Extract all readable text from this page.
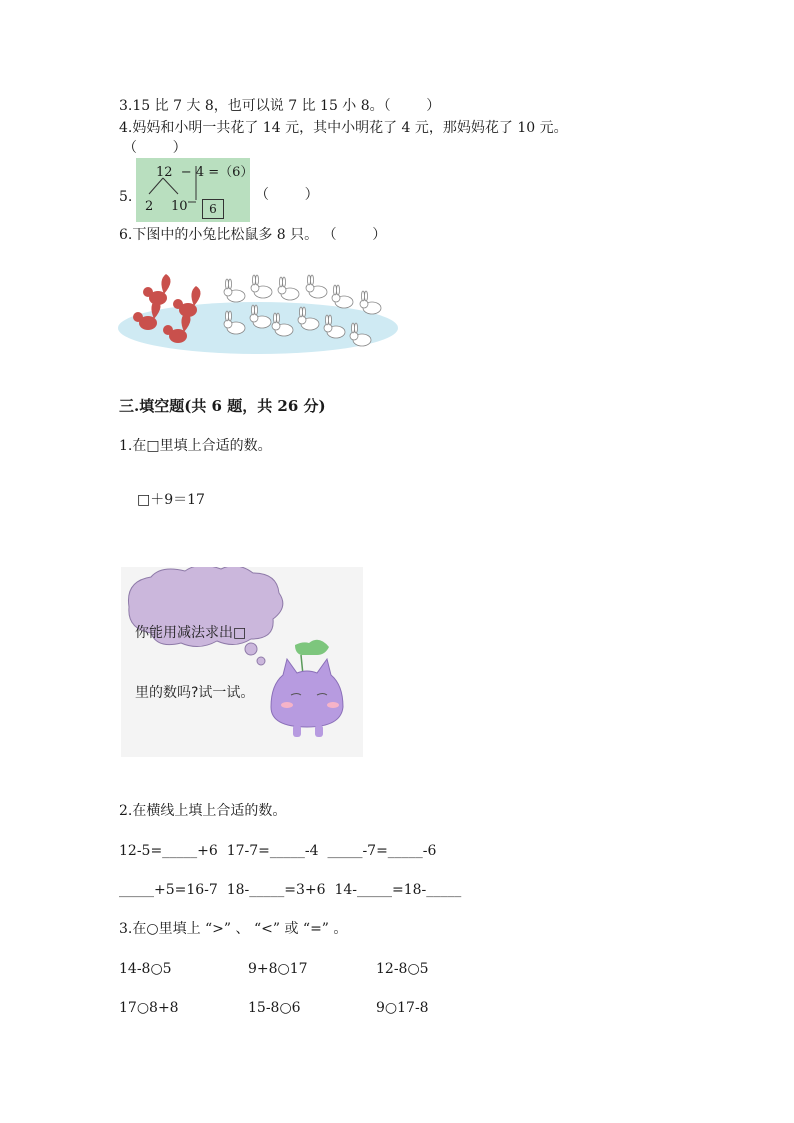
3.15 比 7 大 8，也可以说 7 比 15 小 8。（        ）
4.妈妈和小明一共花了 14 元，其中小明花了 4 元，那妈妈花了 10 元。
（        ）
5.
12  − 4 =（6）
2 10	6
（        ）
6.下图中的小兔比松鼠多 8 只。 （        ）
三.填空题(共 6 题，共 26 分)
1.在□里填上合适的数。
□＋9＝17

你能用减法求出□

里的数吗?试一试。

2.在横线上填上合适的数。
12-5=_____+6  17-7=_____-4  _____-7=_____-6
_____+5=16-7  18-_____=3+6  14-_____=18-_____
3.在○里填上 “>” 、 “<” 或 “=” 。
14-8○5	9+8○17	12-8○5
17○8+8	15-8○6	9○17-8
